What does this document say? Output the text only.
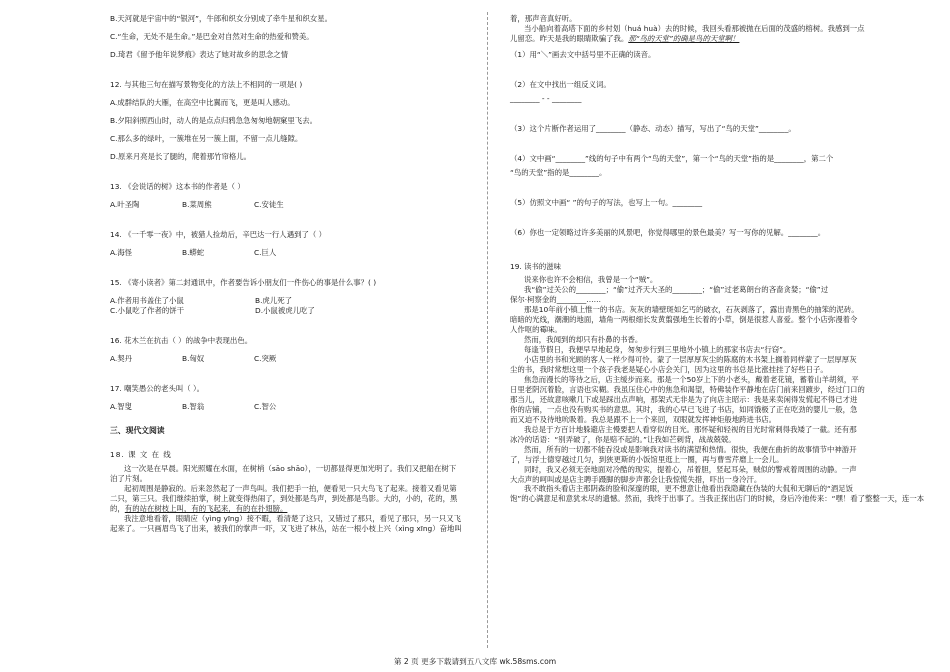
B.天河就是宇宙中的“银河”，牛郎和织女分别成了牵牛星和织女星。

C.“生命，无处不是生命。”是巴金对自然对生命的热爱和赞美。

D.琦君《留予他年说梦痕》表达了她对故乡的思念之情

12. 与其他三句在描写景物变化的方法上不相同的一项是( )

A.成群结队的大雁，在高空中比翼而飞，更是叫人感动。

B.夕阳斜照西山时，动人的是点点归鸦急急匆匆地朝窠里飞去。

C.那么多的绿叶，一簇堆在另一簇上面，不留一点儿缝隙。

D.原来月亮是长了腿的，爬着那竹帘格儿。

13. 《会说话的树》这本书的作者是（ ）

A.叶圣陶	B.菜周熊	C.安徒生

14. 《一千零一夜》中，被猎人捡劫后，辛巴达一行人遇到了（ ）

A.海怪	B.蟒蛇	C.巨人

15. 《寄小读者》第二封通讯中，作者要告诉小朋友们一件伤心的事是什么事？( )

A.作者用书盖住了小鼠	B.虎儿死了
C.小鼠吃了作者的饼干	D.小鼠被虎儿吃了

16. 花木兰在抗击（ ）的战争中表现出色。

A.契丹	B.匈奴	C.突厥

17. 嘲笑愚公的老头叫（ ）。

A.智叟	B.智翁	C.智公

三、现代文阅读

18. 课 文 在 线

这一次是在早晨。阳光照耀在水面，在树梢（sāo shāo），一切都显得更加光明了。我们又把船在树下

泊了片刻。

起初周围是静寂的。后来忽然起了一声鸟叫。我们把手一拍，便看见一只大鸟飞了起来。接着又看见第

二只，第三只。我们继续拍掌，树上就变得热闹了，到处都是鸟声，到处都是鸟影。大的，小的，花的，黑

的，有的站在树枝上叫，有的飞起来，有的在扑翅膀。

我注意地看着，眼睛应（yìng yīng）接不暇，看清楚了这只，又错过了那只，看见了那只，另一只又飞

起来了。一只画眉鸟飞了出来，被我们的掌声一吓，又飞进了林丛，站在一根小枝上兴（xìng xīng）奋地叫

着，那声音真好听。

当小船向着高塔下面的乡村划（huá huà）去的时候，我回头看那被抛在后面的茂盛的榕树。我感到一点

儿留恋。昨天是我的眼睛欺骗了我。那“鸟的天堂”的确是鸟的天堂啊！

（1）用“＼”画去文中括号里不正确的读音。

（2）在文中找出一组反义词。

________ - - ________

（3）这个片断作者运用了________（静态、动态）描写，写出了“鸟的天堂”________。

（4）文中画“________”线的句子中有两个“鸟的天堂”，第一个“鸟的天堂”指的是________，第二个

“鸟的天堂”指的是________。

（5）仿照文中画“ ”的句子的写法，也写上一句。________

（6）你也一定领略过许多美丽的风景吧，你觉得哪里的景色最美？写一写你的见解。________。

19. 读书的滋味

说来你也许不会相信，我曾是一个“贼”。

我“偷”过关公的________；“偷”过齐天大圣的________；“偷”过老葛朗台的吝啬贪婪；“偷”过

保尔·柯察金的________……

那是10年前小镇上惟一的书店。灰灰的墙壁斑如乞丐的破衣，石灰剥落了，露出青黑色的抽笨的泥砖。

暗暗的光线，潮潮的地面，墙角一两根细长发黄翦强地生长着的小草，倒是很惹人喜爱。整个小店弥漫着令

人作呕的霉味。

然而，我闻到的却只有扑鼻的书香。

每逢节假日，我便早早地起身，匆匆步行到三里地外小镇上的那家书店去“行窃”。

小店里的书和光顾的客人一样少得可怜。蒙了一层厚厚灰尘的陈腐的木书架上搁着同样蒙了一层厚厚灰

尘的书，我时常想这里一个孩子我老是疑心小店会关门，因为这里的书总是比涨挂挂了好些日子。

焦急而漫长的等待之后，店主缓步而来。那是一个50岁上下的小老头，戴着老花镜，蓄着山羊胡须，平

日里老阴沉着脸，言语也实糊。我虽压住心中的焦急和渴望，特佛装作平静地在店门前来回踱步，经过门口的

那当儿，还故意咳嗽几下或是踩出点声响，那架式无非是为了向店主昭示：我是来卖闲得发慌起不得已才进

你的店铺，一点也没有购买书的意思。其时，我的心早已飞进了书店，如同饿极了正在吃劲的婴儿一般，急

而又迫不及待地吮吸着。我总是跟不上一个来回，双眼就发挥神炬般地跨进书店。

我总是于方百计地躲避店主慢要把人看穿似的目光。那怀疑和轻视的目光时常刺得我矮了一截。还有那

冰冷的话语：“别弄破了，你是赔不起的。”让我如芒刺背，战战兢兢。

然而，所有的一切都不能吞没或是影响我对读书的满望和热情。很快，我便在曲折的故事情节中神游开

了，与浮士德穿越过几匀，到狭更斯的小饭馆里逛上一圈，再与曹雪芹磨上一会儿。

同时，我又必须无奈地面对冷酷的现实，提着心，吊着胆，竖起耳朵，贼似的警戒着周围的动静。一声

大点声的呵叫或是店主聘手蹑脚的脚步声都会让我惊慌失措，吓出一身冷汗。

我不敢指头看店主那阴森的脸和深邃的眼，更不想意让他看出我隐藏在伪装的大侃和无聊后的“酒足饭

饱”的心满意足和意犹未尽的遗憾。然而，我终于出事了。当我正探出店门的时候，身后冷池传来：“嘿！看了整整一天，连一本

第 2 页 更多下载请到五八文库 wk.58sms.com
